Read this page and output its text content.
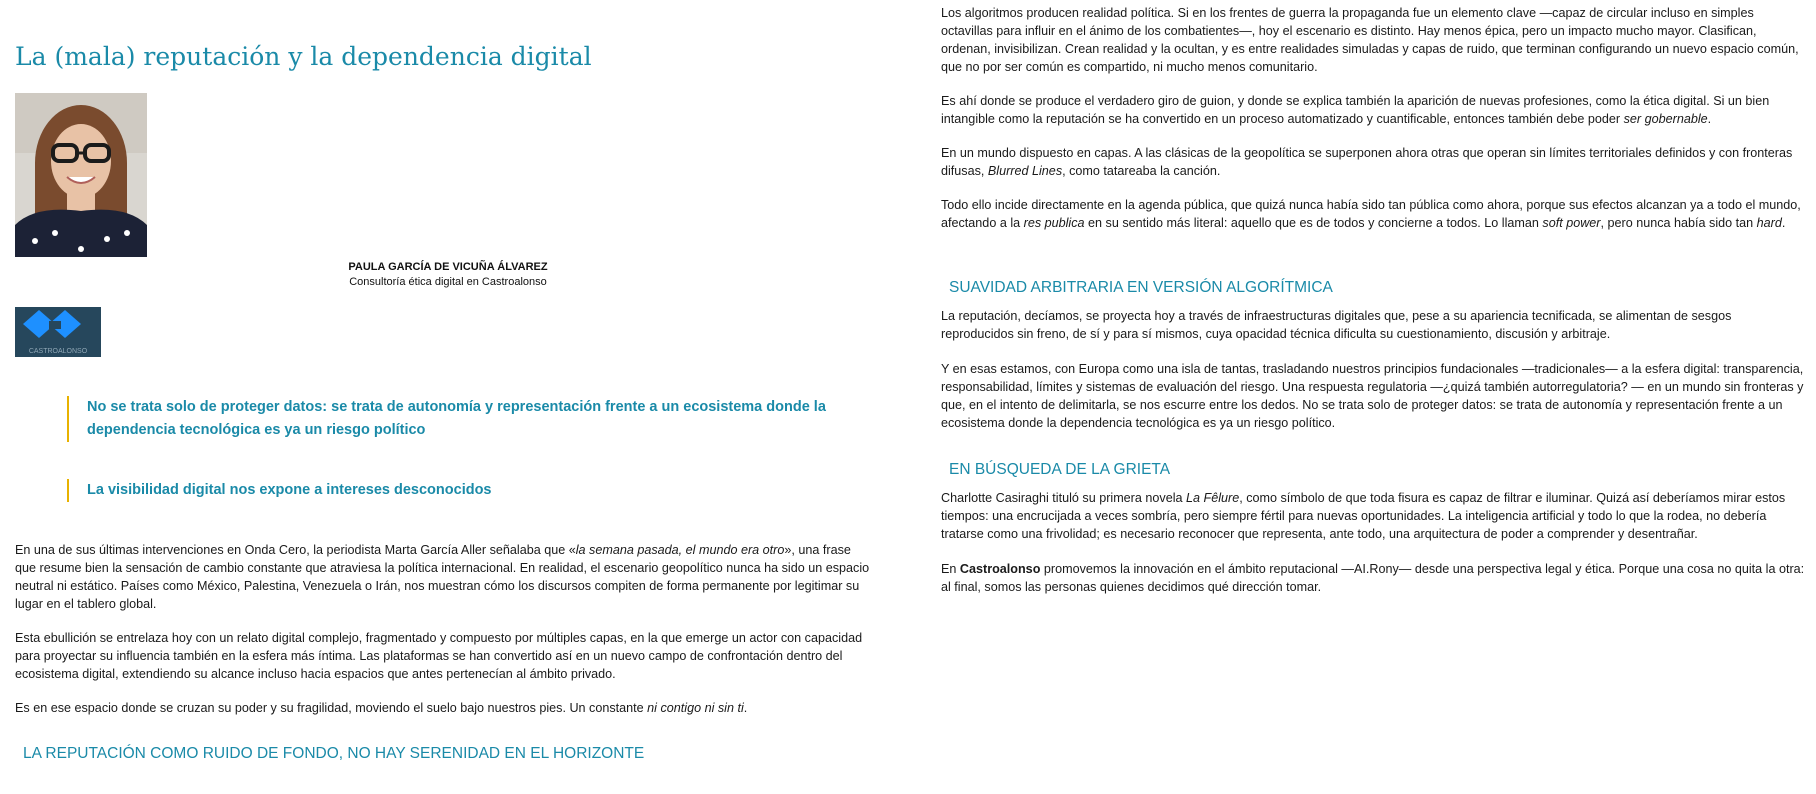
La (mala) reputación y la dependencia digital
PAULA GARCÍA DE VICUÑA ÁLVAREZ
Consultoría ética digital en Castroalonso
CASTROALONSO
No se trata solo de proteger datos: se trata de autonomía y representación frente a un ecosistema donde la dependencia tecnológica es ya un riesgo político
La visibilidad digital nos expone a intereses desconocidos

En una de sus últimas intervenciones en Onda Cero, la periodista Marta García Aller señalaba que «la semana pasada, el mundo era otro», una frase que resume bien la sensación de cambio constante que atraviesa la política internacional. En realidad, el escenario geopolítico nunca ha sido un espacio neutral ni estático. Países como México, Palestina, Venezuela o Irán, nos muestran cómo los discursos compiten de forma permanente por legitimar su lugar en el tablero global.

Esta ebullición se entrelaza hoy con un relato digital complejo, fragmentado y compuesto por múltiples capas, en la que emerge un actor con capacidad para proyectar su influencia también en la esfera más íntima. Las plataformas se han convertido así en un nuevo campo de confrontación dentro del ecosistema digital, extendiendo su alcance incluso hacia espacios que antes pertenecían al ámbito privado.

Es en ese espacio donde se cruzan su poder y su fragilidad, moviendo el suelo bajo nuestros pies. Un constante ni contigo ni sin ti.

LA REPUTACIÓN COMO RUIDO DE FONDO, NO HAY SERENIDAD EN EL HORIZONTE

Los algoritmos producen realidad política. Si en los frentes de guerra la propaganda fue un elemento clave —capaz de circular incluso en simples octavillas para influir en el ánimo de los combatientes—, hoy el escenario es distinto. Hay menos épica, pero un impacto mucho mayor. Clasifican, ordenan, invisibilizan. Crean realidad y la ocultan, y es entre realidades simuladas y capas de ruido, que terminan configurando un nuevo espacio común, que no por ser común es compartido, ni mucho menos comunitario.

Es ahí donde se produce el verdadero giro de guion, y donde se explica también la aparición de nuevas profesiones, como la ética digital. Si un bien intangible como la reputación se ha convertido en un proceso automatizado y cuantificable, entonces también debe poder ser gobernable.

En un mundo dispuesto en capas. A las clásicas de la geopolítica se superponen ahora otras que operan sin límites territoriales definidos y con fronteras difusas, Blurred Lines, como tatareaba la canción.

Todo ello incide directamente en la agenda pública, que quizá nunca había sido tan pública como ahora, porque sus efectos alcanzan ya a todo el mundo, afectando a la res publica en su sentido más literal: aquello que es de todos y concierne a todos. Lo llaman soft power, pero nunca había sido tan hard.

SUAVIDAD ARBITRARIA EN VERSIÓN ALGORÍTMICA

La reputación, decíamos, se proyecta hoy a través de infraestructuras digitales que, pese a su apariencia tecnificada, se alimentan de sesgos reproducidos sin freno, de sí y para sí mismos, cuya opacidad técnica dificulta su cuestionamiento, discusión y arbitraje.

Y en esas estamos, con Europa como una isla de tantas, trasladando nuestros principios fundacionales —tradicionales— a la esfera digital: transparencia, responsabilidad, límites y sistemas de evaluación del riesgo. Una respuesta regulatoria —¿quizá también autorregulatoria? — en un mundo sin fronteras y que, en el intento de delimitarla, se nos escurre entre los dedos. No se trata solo de proteger datos: se trata de autonomía y representación frente a un ecosistema donde la dependencia tecnológica es ya un riesgo político.

EN BÚSQUEDA DE LA GRIETA

Charlotte Casiraghi tituló su primera novela La Fêlure, como símbolo de que toda fisura es capaz de filtrar e iluminar. Quizá así deberíamos mirar estos tiempos: una encrucijada a veces sombría, pero siempre fértil para nuevas oportunidades. La inteligencia artificial y todo lo que la rodea, no debería tratarse como una frivolidad; es necesario reconocer que representa, ante todo, una arquitectura de poder a comprender y desentrañar.

En Castroalonso promovemos la innovación en el ámbito reputacional —AI.Rony— desde una perspectiva legal y ética. Porque una cosa no quita la otra: al final, somos las personas quienes decidimos qué dirección tomar.
